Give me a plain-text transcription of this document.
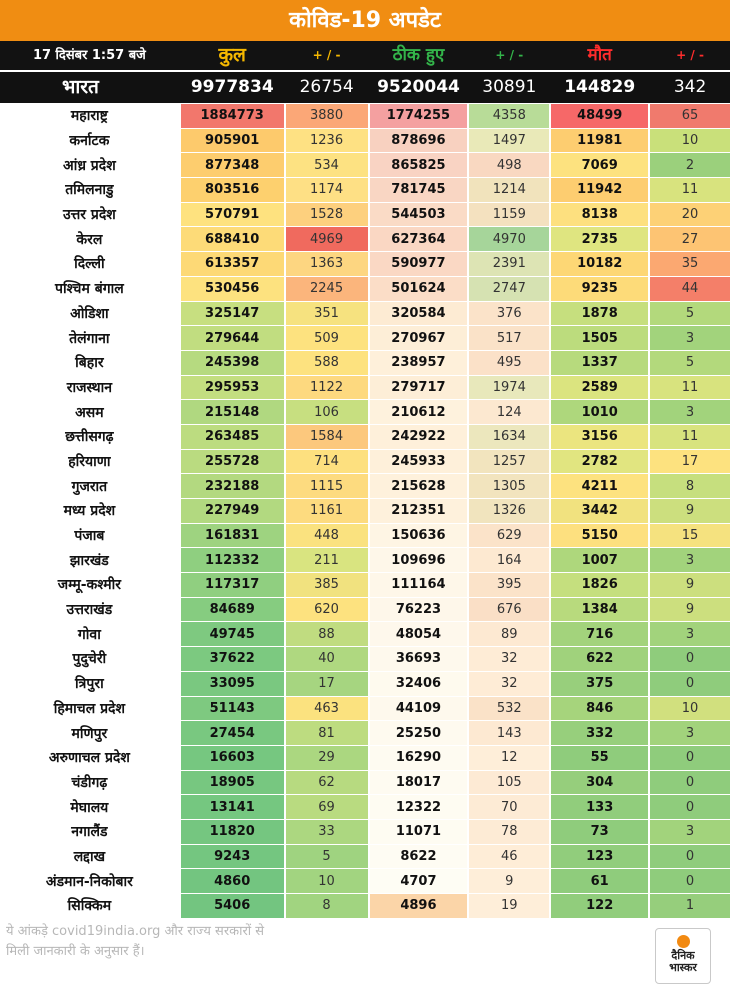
कोविड-19 अपडेट
17 दिसंबर 1:57 बजे	कुल	+ / -	ठीक हुए	+ / -	मौत	+ / -
भारत	9977834	26754	9520044	30891	144829	342
महाराष्ट्र	1884773	3880	1774255	4358	48499	65
कर्नाटक	905901	1236	878696	1497	11981	10
आंध्र प्रदेश	877348	534	865825	498	7069	2
तमिलनाडु	803516	1174	781745	1214	11942	11
उत्तर प्रदेश	570791	1528	544503	1159	8138	20
केरल	688410	4969	627364	4970	2735	27
दिल्ली	613357	1363	590977	2391	10182	35
पश्चिम बंगाल	530456	2245	501624	2747	9235	44
ओडिशा	325147	351	320584	376	1878	5
तेलंगाना	279644	509	270967	517	1505	3
बिहार	245398	588	238957	495	1337	5
राजस्थान	295953	1122	279717	1974	2589	11
असम	215148	106	210612	124	1010	3
छत्तीसगढ़	263485	1584	242922	1634	3156	11
हरियाणा	255728	714	245933	1257	2782	17
गुजरात	232188	1115	215628	1305	4211	8
मध्य प्रदेश	227949	1161	212351	1326	3442	9
पंजाब	161831	448	150636	629	5150	15
झारखंड	112332	211	109696	164	1007	3
जम्मू-कश्मीर	117317	385	111164	395	1826	9
उत्तराखंड	84689	620	76223	676	1384	9
गोवा	49745	88	48054	89	716	3
पुदुचेरी	37622	40	36693	32	622	0
त्रिपुरा	33095	17	32406	32	375	0
हिमाचल प्रदेश	51143	463	44109	532	846	10
मणिपुर	27454	81	25250	143	332	3
अरुणाचल प्रदेश	16603	29	16290	12	55	0
चंडीगढ़	18905	62	18017	105	304	0
मेघालय	13141	69	12322	70	133	0
नगालैंड	11820	33	11071	78	73	3
लद्दाख	9243	5	8622	46	123	0
अंडमान-निकोबार	4860	10	4707	9	61	0
सिक्किम	5406	8	4896	19	122	1
ये आंकड़े covid19india.org और राज्य सरकारों से
मिली जानकारी के अनुसार हैं।	दैनिक
भास्कर
